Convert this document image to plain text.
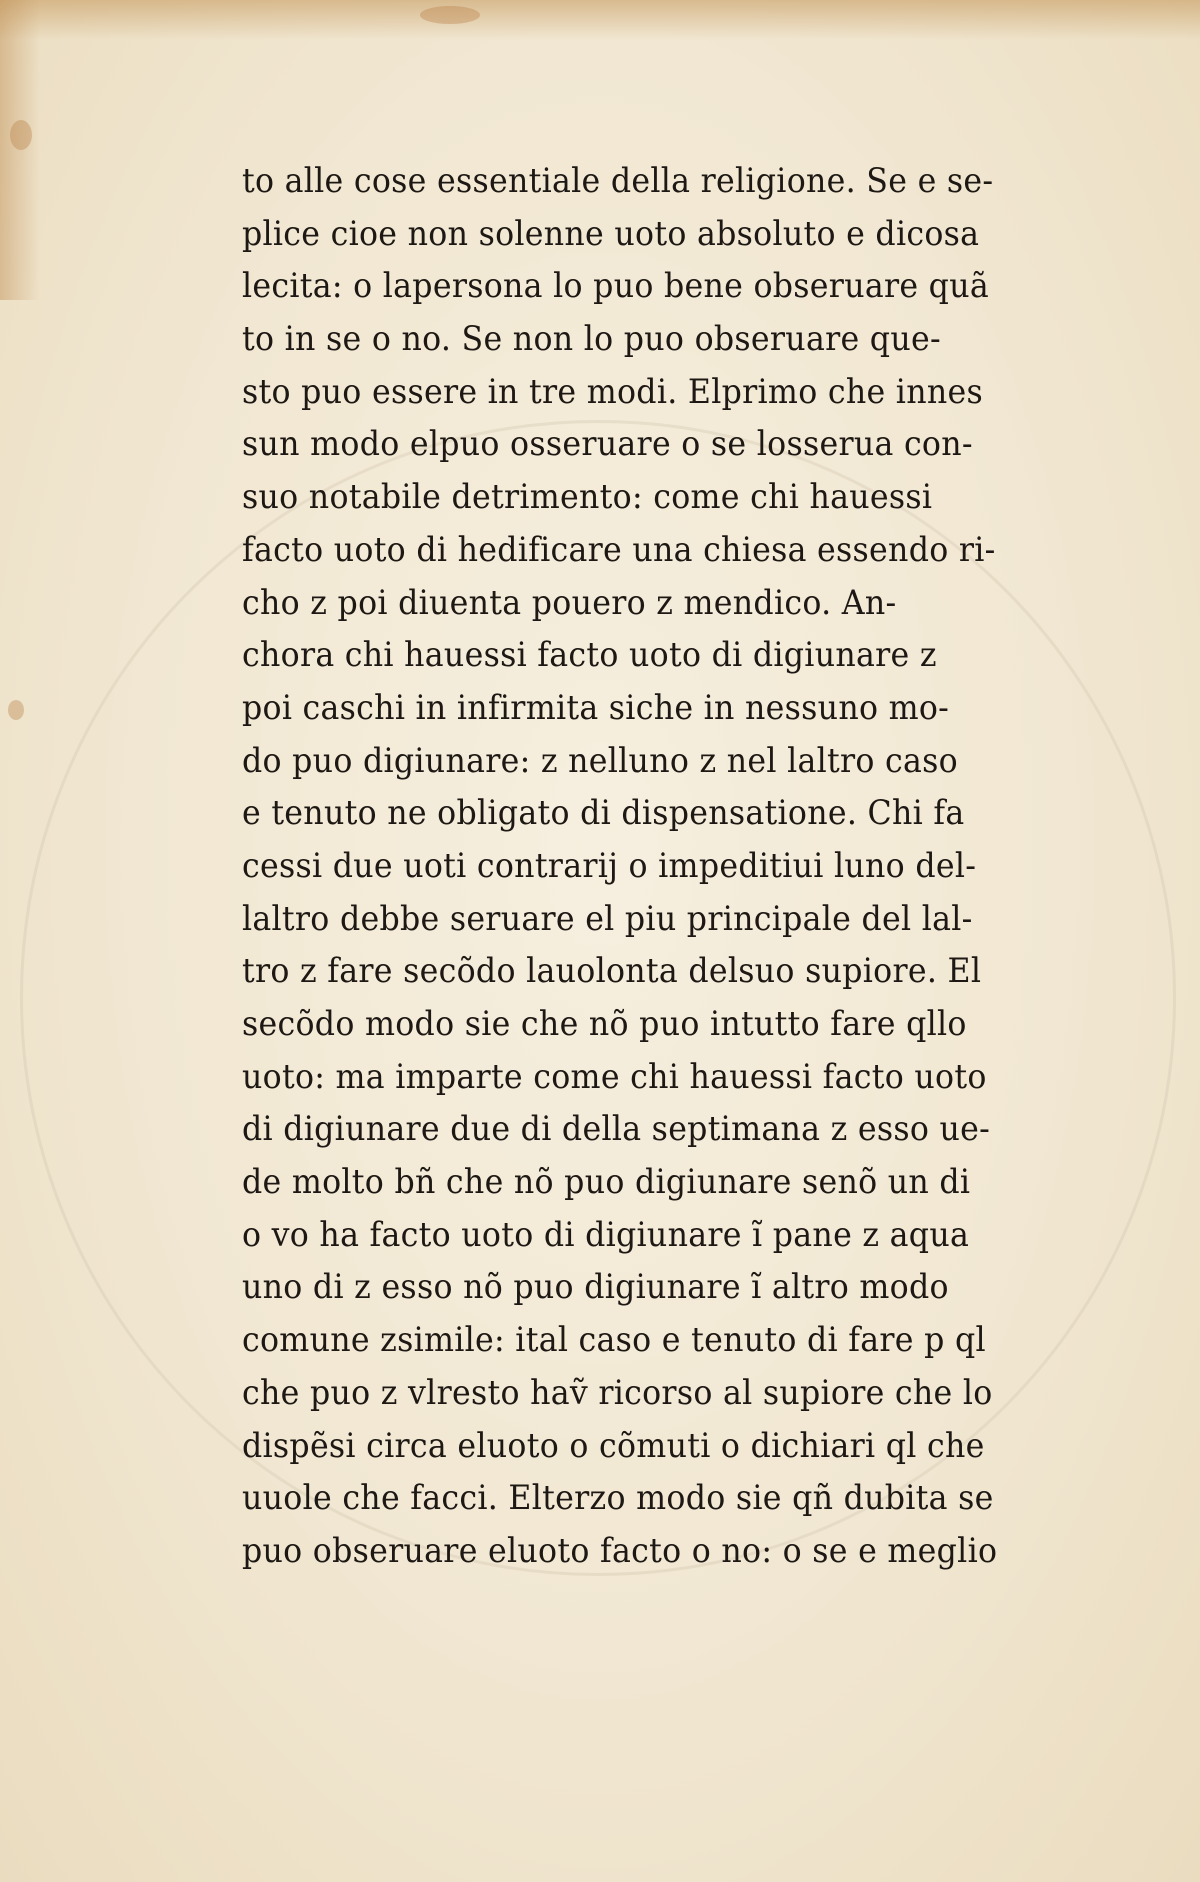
to alle cose essentiale della religione. Se e se-
plice cioe non solenne uoto absoluto e dicosa
lecita: o lapersona lo puo bene obseruare quã
to in se o no. Se non lo puo obseruare que-
sto puo essere in tre modi. Elprimo che innes
sun modo elpuo osseruare o se losserua con-
suo notabile detrimento: come chi hauessi
facto uoto di hedificare una chiesa essendo ri-
cho z poi diuenta pouero z mendico. An-
chora chi hauessi facto uoto di digiunare z
poi caschi in infirmita siche in nessuno mo-
do puo digiunare: z nelluno z nel laltro caso
e tenuto ne obligato di dispensatione. Chi fa
cessi due uoti contrarij o impeditiui luno del-
laltro debbe seruare el piu principale del lal-
tro z fare secõdo lauolonta delsuo supiore. El
secõdo modo sie che nõ puo intutto fare qllo
uoto: ma imparte come chi hauessi facto uoto
di digiunare due di della septimana z esso ue-
de molto bñ che nõ puo digiunare senõ un di
o vo ha facto uoto di digiunare ĩ pane z aqua
uno di z esso nõ puo digiunare ĩ altro modo
comune zsimile: ital caso e tenuto di fare p ql
che puo z vlresto haṽ ricorso al supiore che lo
dispẽsi circa eluoto o cõmuti o dichiari ql che
uuole che facci. Elterzo modo sie qñ dubita se
puo obseruare eluoto facto o no: o se e meglio
